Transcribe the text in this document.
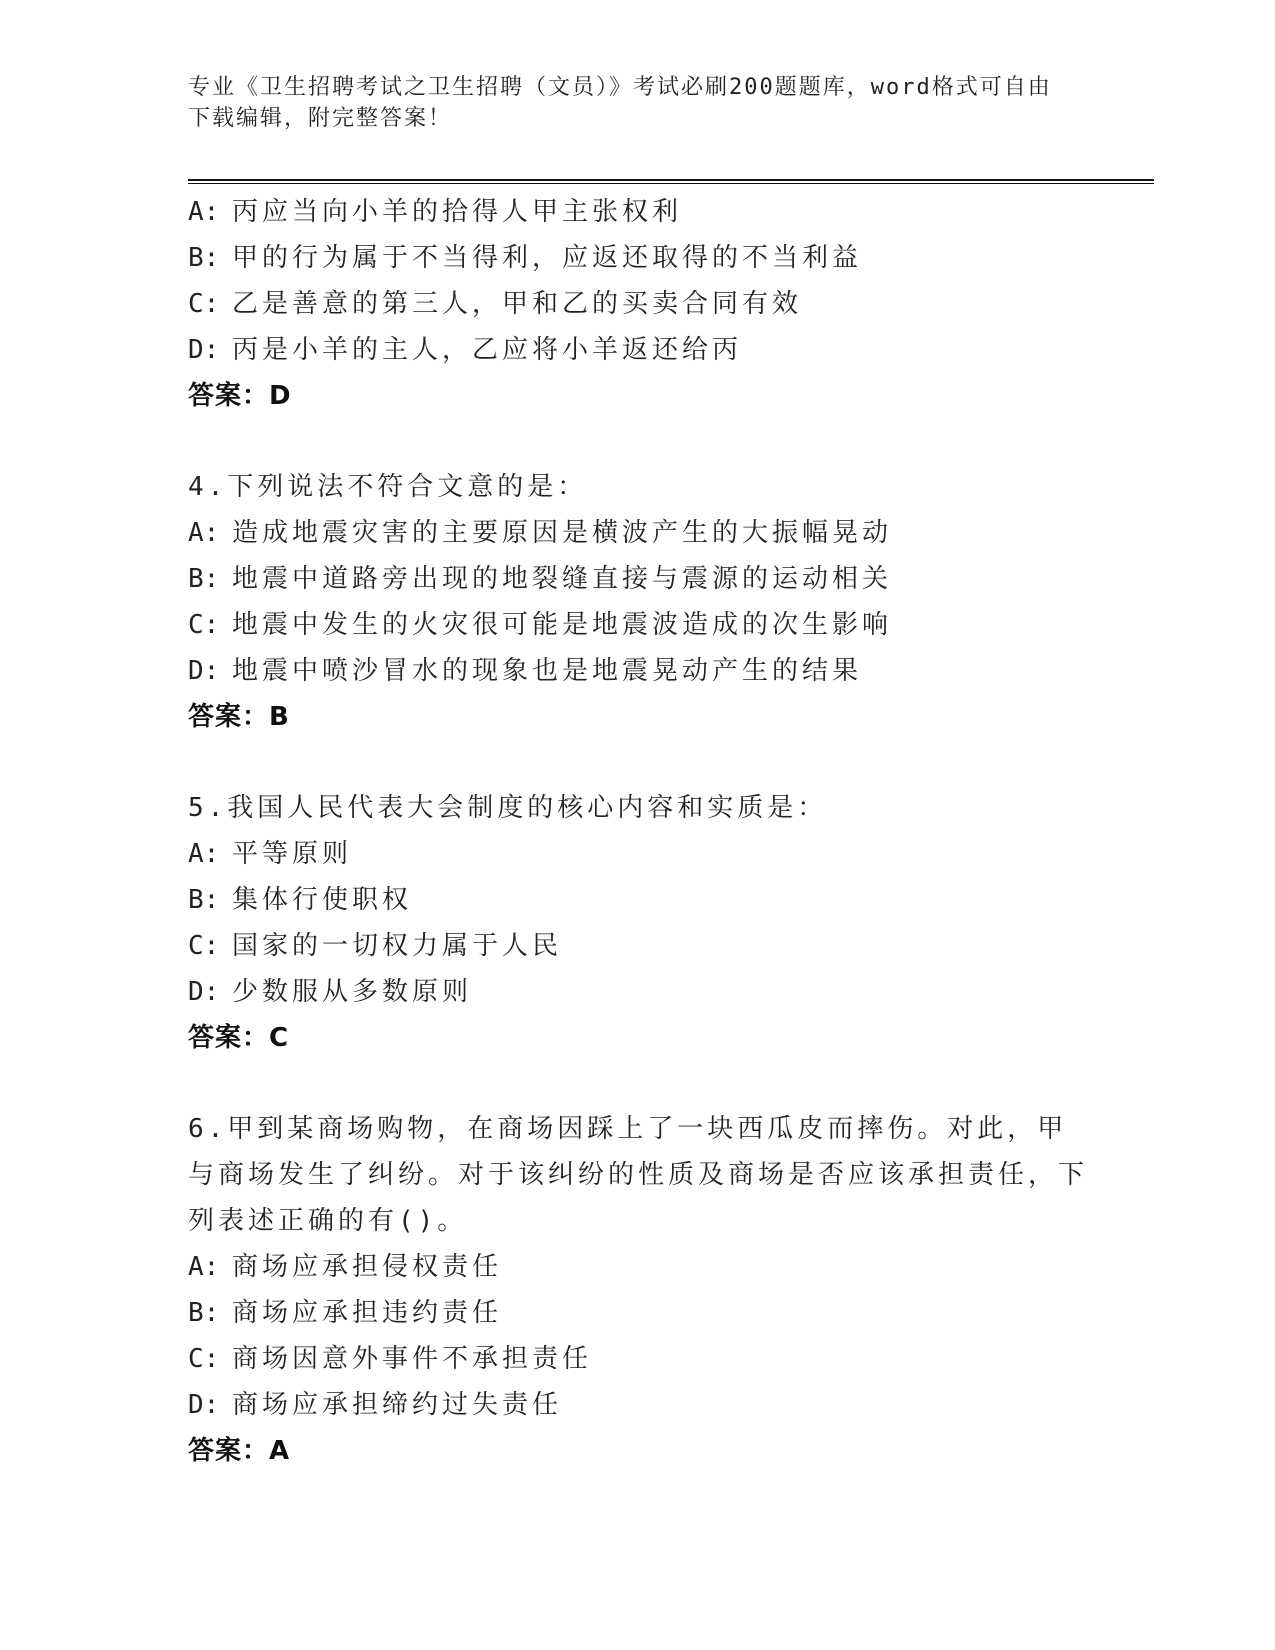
专业《卫生招聘考试之卫生招聘（文员）》考试必刷200题题库，word格式可自由下载编辑，附完整答案！
A: 丙应当向小羊的拾得人甲主张权利
B: 甲的行为属于不当得利，应返还取得的不当利益
C: 乙是善意的第三人，甲和乙的买卖合同有效
D: 丙是小羊的主人，乙应将小羊返还给丙
答案：D
4.下列说法不符合文意的是：
A: 造成地震灾害的主要原因是横波产生的大振幅晃动
B: 地震中道路旁出现的地裂缝直接与震源的运动相关
C: 地震中发生的火灾很可能是地震波造成的次生影响
D: 地震中喷沙冒水的现象也是地震晃动产生的结果
答案：B
5.我国人民代表大会制度的核心内容和实质是：
A: 平等原则
B: 集体行使职权
C: 国家的一切权力属于人民
D: 少数服从多数原则
答案：C
6.甲到某商场购物，在商场因踩上了一块西瓜皮而摔伤。对此，甲与商场发生了纠纷。对于该纠纷的性质及商场是否应该承担责任，下列表述正确的有()。
A: 商场应承担侵权责任
B: 商场应承担违约责任
C: 商场因意外事件不承担责任
D: 商场应承担缔约过失责任
答案：A
